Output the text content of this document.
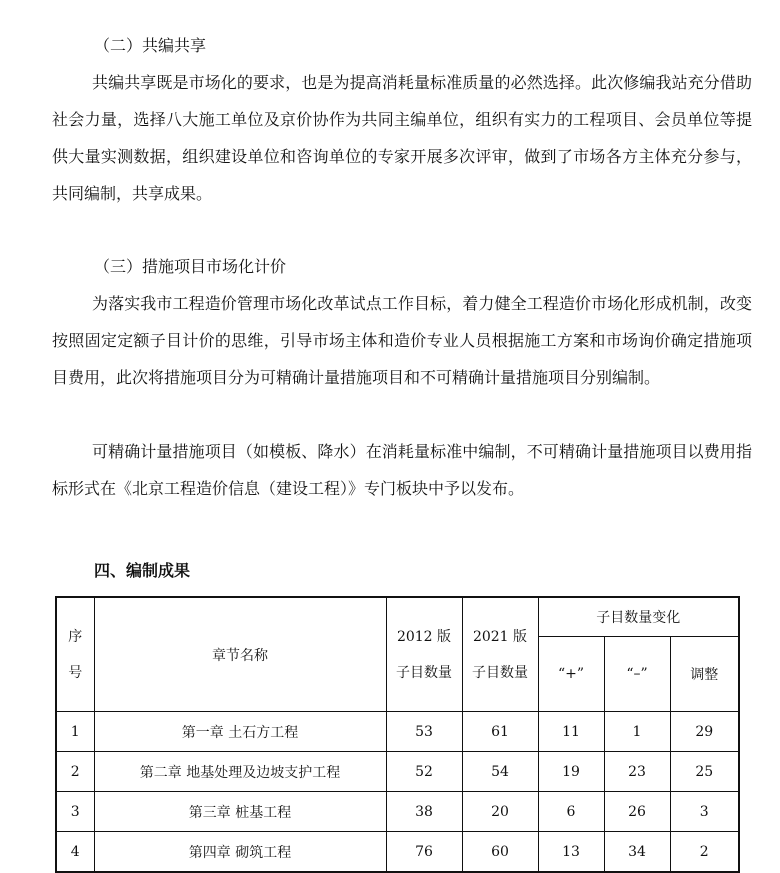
（二）共编共享
共编共享既是市场化的要求，也是为提高消耗量标准质量的必然选择。此次修编我站充分借助社会力量，选择八大施工单位及京价协作为共同主编单位，组织有实力的工程项目、会员单位等提供大量实测数据，组织建设单位和咨询单位的专家开展多次评审，做到了市场各方主体充分参与，共同编制，共享成果。
（三）措施项目市场化计价
为落实我市工程造价管理市场化改革试点工作目标，着力健全工程造价市场化形成机制，改变按照固定定额子目计价的思维，引导市场主体和造价专业人员根据施工方案和市场询价确定措施项目费用，此次将措施项目分为可精确计量措施项目和不可精确计量措施项目分别编制。
可精确计量措施项目（如模板、降水）在消耗量标准中编制，不可精确计量措施项目以费用指标形式在《北京工程造价信息（建设工程）》专门板块中予以发布。
四、编制成果
序号	章节名称	2012 版子目数量	2021 版子目数量	子目数量变化		
				“+”	“–”	调整
1	第一章 土石方工程	53	61	11	1	29
2	第二章 地基处理及边坡支护工程	52	54	19	23	25
3	第三章 桩基工程	38	20	6	26	3
4	第四章 砌筑工程	76	60	13	34	2
